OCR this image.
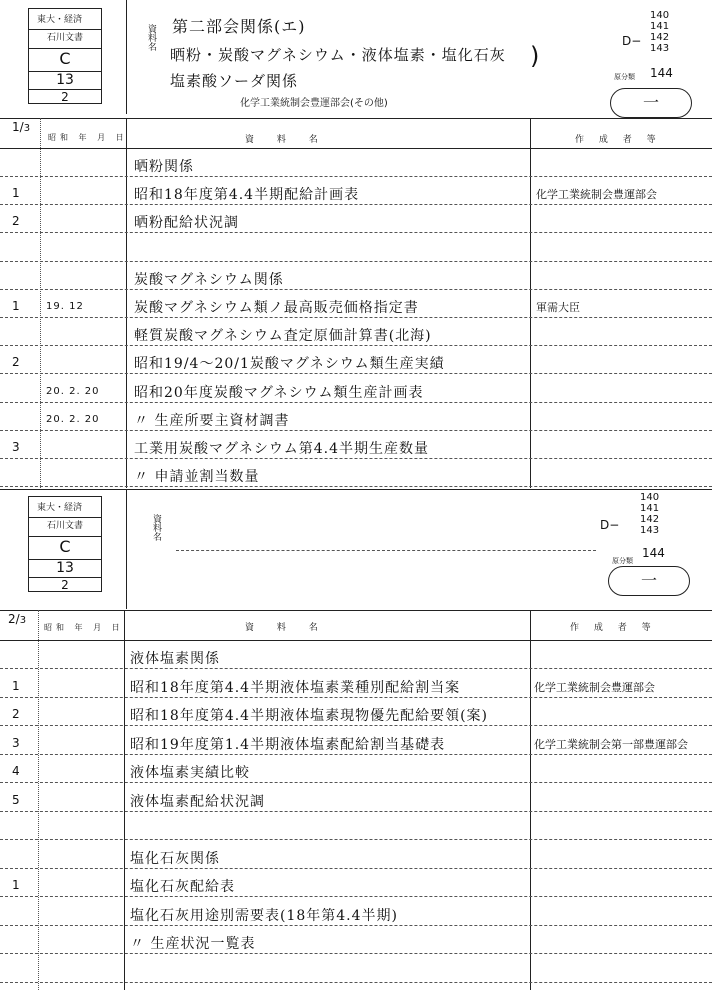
東大・経済
石川文書
C
13
2
資料名 第二部会関係(エ)
晒粉・炭酸マグネシウム・液体塩素・塩化石灰 )
塩素酸ソーダ関係
化学工業統制会豊運部会(その他)
140
141
142
143
D−
原分類 144
一
1/3
昭和 年 月 日	資 料 名	作 成 者 等
晒粉関係
1	昭和18年度第4.4半期配給計画表	化学工業統制会豊運部会
2	晒粉配給状況調
炭酸マグネシウム関係
1	19. 12	炭酸マグネシウム類ノ最高販売価格指定書	軍需大臣
軽質炭酸マグネシウム査定原価計算書(北海)
2	昭和19/4〜20/1炭酸マグネシウム類生産実績
20. 2. 20 昭和20年度炭酸マグネシウム類生産計画表
20. 2. 20 〃 生産所要主資材調書
3	工業用炭酸マグネシウム第4.4半期生産数量
〃 申請並割当数量
東大・経済
石川文書
C
13
2
資料名
140
141
142
143
D−
原分類
144
一
2/3
昭和 年 月 日	資 料 名	作 成 者 等
液体塩素関係
1	昭和18年度第4.4半期液体塩素業種別配給割当案	化学工業統制会豊運部会
2	昭和18年度第4.4半期液体塩素現物優先配給要領(案)
3	昭和19年度第1.4半期液体塩素配給割当基礎表	化学工業統制会第一部豊運部会
4	液体塩素実績比較
5	液体塩素配給状況調
塩化石灰関係
1	塩化石灰配給表
塩化石灰用途別需要表(18年第4.4半期)
〃 生産状況一覧表
